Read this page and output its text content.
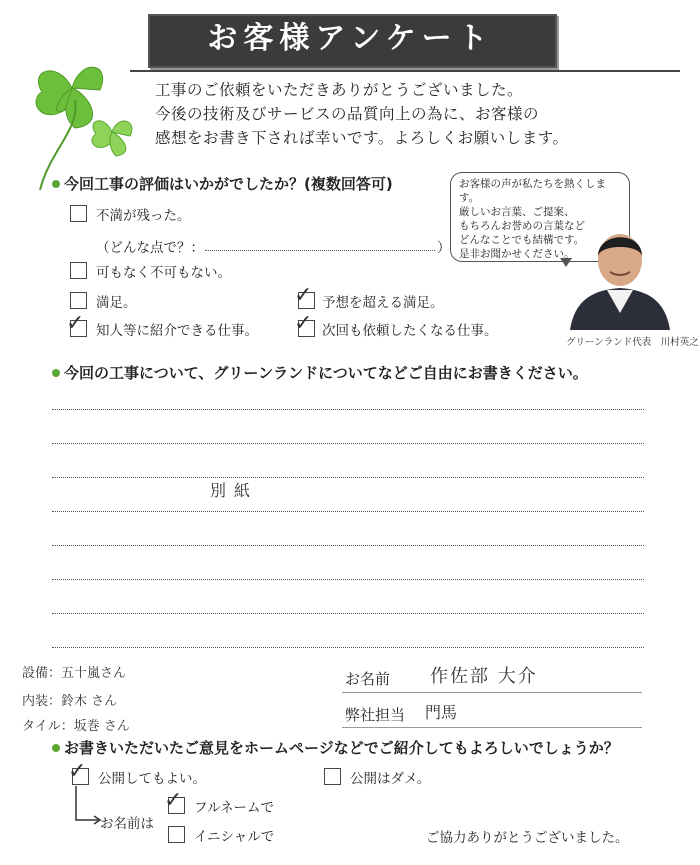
お客様アンケート
工事のご依頼をいただきありがとうございました。
今後の技術及びサービスの品質向上の為に、お客様の
感想をお書き下されば幸いです。よろしくお願いします。
今回工事の評価はいかがでしたか？(複数回答可)
不満が残った。
（どんな点で？：	）
可もなく不可もない。
満足。	✓ 予想を超える満足。
✓ 知人等に紹介できる仕事。 ✓ 次回も依頼したくなる仕事。
お客様の声が私たちを熱くします。
厳しいお言葉、ご提案、
もちろんお誉めの言葉など
どんなことでも結構です。
是非お聞かせください。
グリーンランド代表　川村英之
今回の工事について、グリーンランドについてなどご自由にお書きください。
別紙
設備：五十嵐さん
内装：鈴木 さん
タイル：坂巻 さん
お名前 作佐部 大介
弊社担当 門馬
お書きいただいたご意見をホームページなどでご紹介してもよろしいでしょうか？
✓ 公開してもよい。	公開はダメ。
お名前は
✓ フルネームで
イニシャルで	ご協力ありがとうございました。
